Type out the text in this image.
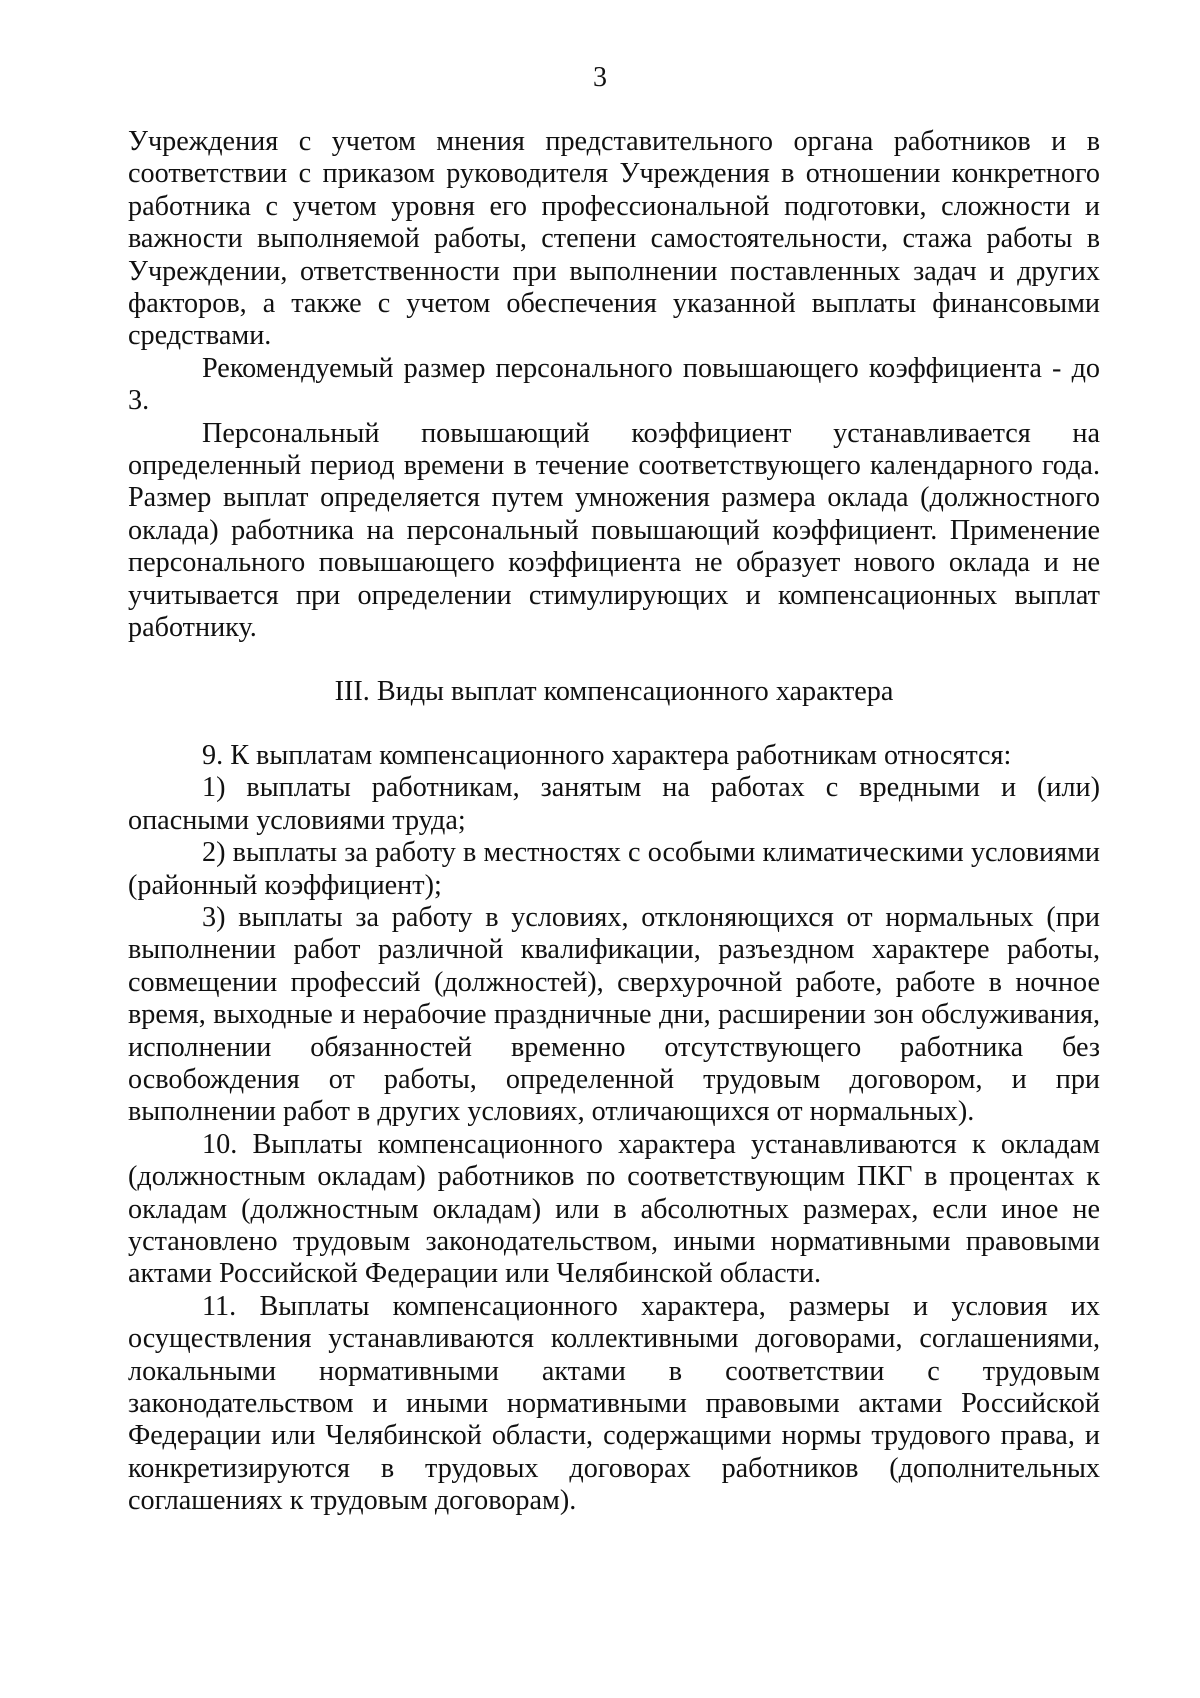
3

Учреждения с учетом мнения представительного органа работников и в соответствии с приказом руководителя Учреждения в отношении конкретного работника с учетом уровня его профессиональной подготовки, сложности и важности выполняемой работы, степени самостоятельности, стажа работы в Учреждении, ответственности при выполнении поставленных задач и других факторов, а также с учетом обеспечения указанной выплаты финансовыми средствами.

Рекомендуемый размер персонального повышающего коэффициента - до 3.

Персональный повышающий коэффициент устанавливается на определенный период времени в течение соответствующего календарного года. Размер выплат определяется путем умножения размера оклада (должностного оклада) работника на персональный повышающий коэффициент. Применение персонального повышающего коэффициента не образует нового оклада и не учитывается при определении стимулирующих и компенсационных выплат работнику.

III. Виды выплат компенсационного характера

9. К выплатам компенсационного характера работникам относятся:

1) выплаты работникам, занятым на работах с вредными и (или) опасными условиями труда;

2) выплаты за работу в местностях с особыми климатическими условиями (районный коэффициент);

3) выплаты за работу в условиях, отклоняющихся от нормальных (при выполнении работ различной квалификации, разъездном характере работы, совмещении профессий (должностей), сверхурочной работе, работе в ночное время, выходные и нерабочие праздничные дни, расширении зон обслуживания, исполнении обязанностей временно отсутствующего работника без освобождения от работы, определенной трудовым договором, и при выполнении работ в других условиях, отличающихся от нормальных).

10. Выплаты компенсационного характера устанавливаются к окладам (должностным окладам) работников по соответствующим ПКГ в процентах к окладам (должностным окладам) или в абсолютных размерах, если иное не установлено трудовым законодательством, иными нормативными правовыми актами Российской Федерации или Челябинской области.

11. Выплаты компенсационного характера, размеры и условия их осуществления устанавливаются коллективными договорами, соглашениями, локальными нормативными актами в соответствии с трудовым законодательством и иными нормативными правовыми актами Российской Федерации или Челябинской области, содержащими нормы трудового права, и конкретизируются в трудовых договорах работников (дополнительных соглашениях к трудовым договорам).
